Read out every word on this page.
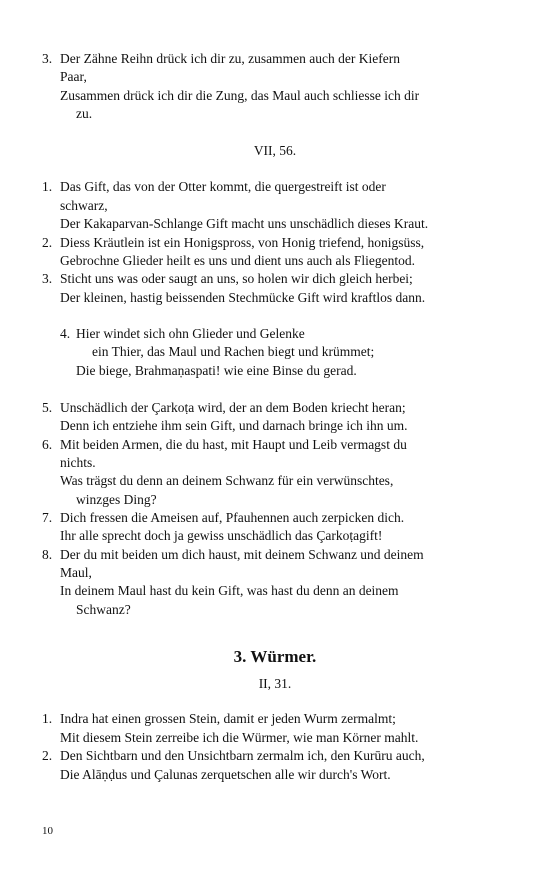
3. Der Zähne Reihn drück ich dir zu, zusammen auch der Kiefern
Paar,
Zusammen drück ich dir die Zung, das Maul auch schliesse ich dir
zu.
VII, 56.
1. Das Gift, das von der Otter kommt, die quergestreift ist oder
schwarz,
Der Kakaparvan-Schlange Gift macht uns unschädlich dieses Kraut.
2. Diess Kräutlein ist ein Honigspross, von Honig triefend, honigsüss,
Gebrochne Glieder heilt es uns und dient uns auch als Fliegentod.
3. Sticht uns was oder saugt an uns, so holen wir dich gleich herbei;
Der kleinen, hastig beissenden Stechmücke Gift wird kraftlos dann.
4. Hier windet sich ohn Glieder und Gelenke
ein Thier, das Maul und Rachen biegt und krümmet;
Die biege, Brahmaṇaspati! wie eine Binse du gerad.
5. Unschädlich der Çarkoṭa wird, der an dem Boden kriecht heran;
Denn ich entziehe ihm sein Gift, und darnach bringe ich ihn um.
6. Mit beiden Armen, die du hast, mit Haupt und Leib vermagst du
nichts.
Was trägst du denn an deinem Schwanz für ein verwünschtes,
winzges Ding?
7. Dich fressen die Ameisen auf, Pfauhennen auch zerpicken dich.
Ihr alle sprecht doch ja gewiss unschädlich das Çarkoṭagift!
8. Der du mit beiden um dich haust, mit deinem Schwanz und deinem
Maul,
In deinem Maul hast du kein Gift, was hast du denn an deinem
Schwanz?
3. Würmer.
II, 31.
1. Indra hat einen grossen Stein, damit er jeden Wurm zermalmt;
Mit diesem Stein zerreibe ich die Würmer, wie man Körner mahlt.
2. Den Sichtbarn und den Unsichtbarn zermalm ich, den Kurūru auch,
Die Alāṇḍus und Çalunas zerquetschen alle wir durch's Wort.
10
